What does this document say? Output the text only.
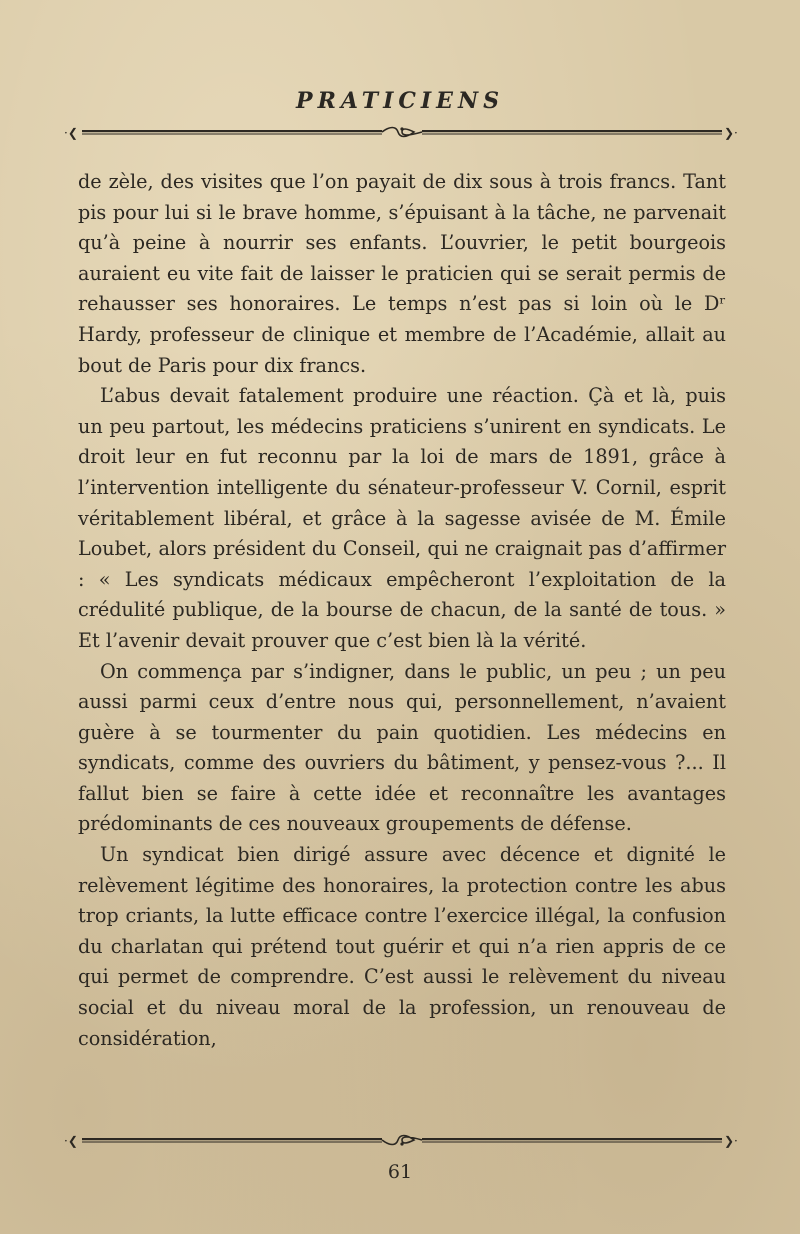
PRATICIENS
·❮	❯·

de zèle, des visites que l’on payait de dix sous à trois francs. Tant pis pour lui si le brave homme, s’épuisant à la tâche, ne parvenait qu’à peine à nourrir ses enfants. L’ouvrier, le petit bourgeois auraient eu vite fait de laisser le praticien qui se serait permis de rehausser ses honoraires. Le temps n’est pas si loin où le Dʳ Hardy, professeur de clinique et membre de l’Académie, allait au bout de Paris pour dix francs.

L’abus devait fatalement produire une réaction. Çà et là, puis un peu partout, les médecins praticiens s’unirent en syndicats. Le droit leur en fut reconnu par la loi de mars de 1891, grâce à l’intervention intelligente du sénateur-professeur V. Cornil, esprit véritablement libéral, et grâce à la sagesse avisée de M. Émile Loubet, alors président du Conseil, qui ne craignait pas d’affirmer : « Les syndicats médicaux empêcheront l’exploitation de la crédulité publique, de la bourse de chacun, de la santé de tous. » Et l’avenir devait prouver que c’est bien là la vérité.

On commença par s’indigner, dans le public, un peu ; un peu aussi parmi ceux d’entre nous qui, personnellement, n’avaient guère à se tourmenter du pain quotidien. Les médecins en syndicats, comme des ouvriers du bâtiment, y pensez-vous ?... Il fallut bien se faire à cette idée et reconnaître les avantages prédominants de ces nouveaux groupements de défense.

Un syndicat bien dirigé assure avec décence et dignité le relèvement légitime des honoraires, la protection contre les abus trop criants, la lutte efficace contre l’exercice illégal, la confusion du charlatan qui prétend tout guérir et qui n’a rien appris de ce qui permet de comprendre. C’est aussi le relèvement du niveau social et du niveau moral de la profession, un renouveau de considération,

·❮	❯·
61
